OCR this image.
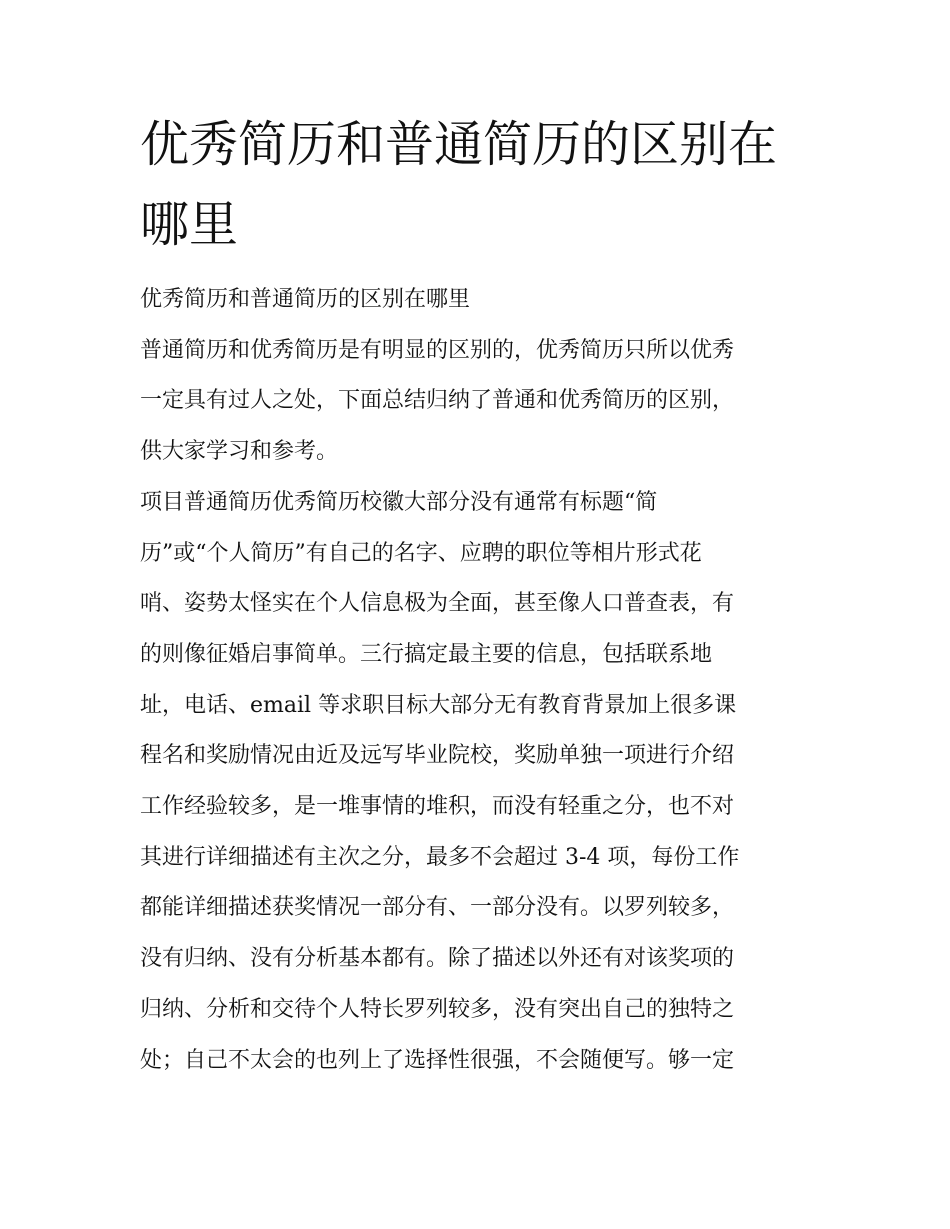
优秀简历和普通简历的区别在
哪里
优秀简历和普通简历的区别在哪里
普通简历和优秀简历是有明显的区别的，优秀简历只所以优秀
一定具有过人之处，下面总结归纳了普通和优秀简历的区别，
供大家学习和参考。
项目普通简历优秀简历校徽大部分没有通常有标题“简
历”或“个人简历”有自己的名字、应聘的职位等相片形式花
哨、姿势太怪实在个人信息极为全面，甚至像人口普查表，有
的则像征婚启事简单。三行搞定最主要的信息，包括联系地
址，电话、email 等求职目标大部分无有教育背景加上很多课
程名和奖励情况由近及远写毕业院校，奖励单独一项进行介绍
工作经验较多，是一堆事情的堆积，而没有轻重之分，也不对
其进行详细描述有主次之分，最多不会超过 3-4 项，每份工作
都能详细描述获奖情况一部分有、一部分没有。以罗列较多，
没有归纳、没有分析基本都有。除了描述以外还有对该奖项的
归纳、分析和交待个人特长罗列较多，没有突出自己的独特之
处；自己不太会的也列上了选择性很强，不会随便写。够一定
